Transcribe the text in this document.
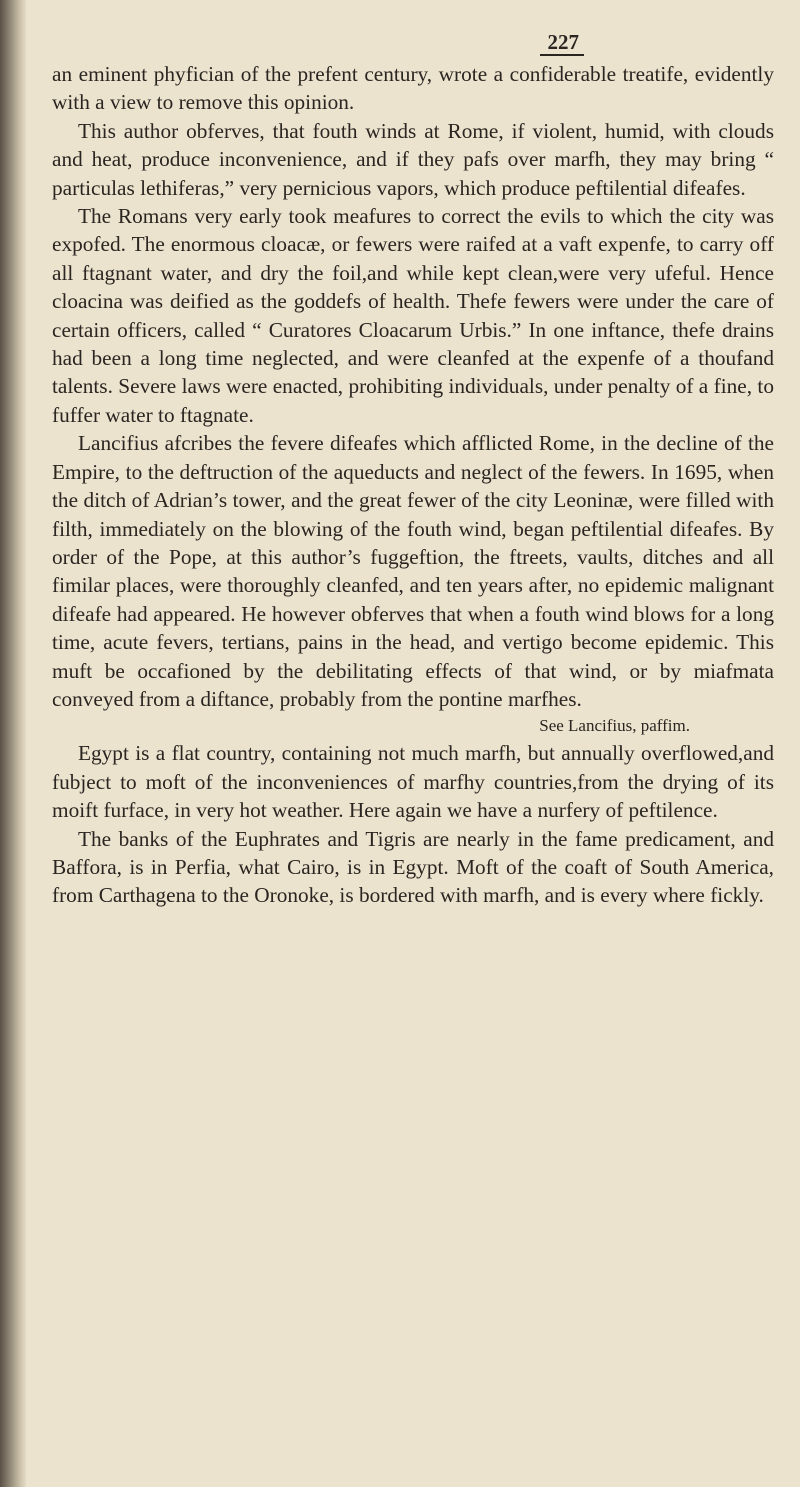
227

an eminent phyfician of the prefent century, wrote a confiderable treatife, evidently with a view to remove this opinion.

This author obferves, that fouth winds at Rome, if violent, humid, with clouds and heat, produce inconvenience, and if they pafs over marfh, they may bring “ particulas lethiferas,” very pernicious vapors, which produce peftilential difeafes.

The Romans very early took meafures to correct the evils to which the city was expofed. The enormous cloacæ, or fewers were raifed at a vaft expenfe, to carry off all ftagnant water, and dry the foil,and while kept clean,were very ufeful. Hence cloacina was deified as the goddefs of health. Thefe fewers were under the care of certain officers, called “ Curatores Cloacarum Urbis.” In one inftance, thefe drains had been a long time neglected, and were cleanfed at the expenfe of a thoufand talents. Severe laws were enacted, prohibiting individuals, under penalty of a fine, to fuffer water to ftagnate.

Lancifius afcribes the fevere difeafes which afflicted Rome, in the decline of the Empire, to the deftruction of the aqueducts and neglect of the fewers. In 1695, when the ditch of Adrian’s tower, and the great fewer of the city Leoninæ, were filled with filth, immediately on the blowing of the fouth wind, began peftilential difeafes. By order of the Pope, at this author’s fuggeftion, the ftreets, vaults, ditches and all fimilar places, were thoroughly cleanfed, and ten years after, no epidemic malignant difeafe had appeared. He however obferves that when a fouth wind blows for a long time, acute fevers, tertians, pains in the head, and vertigo become epidemic. This muft be occafioned by the debilitating effects of that wind, or by miafmata conveyed from a diftance, probably from the pontine marfhes.

See Lancifius, paffim.

Egypt is a flat country, containing not much marfh, but annually overflowed,and fubject to moft of the inconveniences of marfhy countries,from the drying of its moift furface, in very hot weather. Here again we have a nurfery of peftilence.

The banks of the Euphrates and Tigris are nearly in the fame predicament, and Baffora, is in Perfia, what Cairo, is in Egypt. Moft of the coaft of South America, from Carthagena to the Oronoke, is bordered with marfh, and is every where fickly.
